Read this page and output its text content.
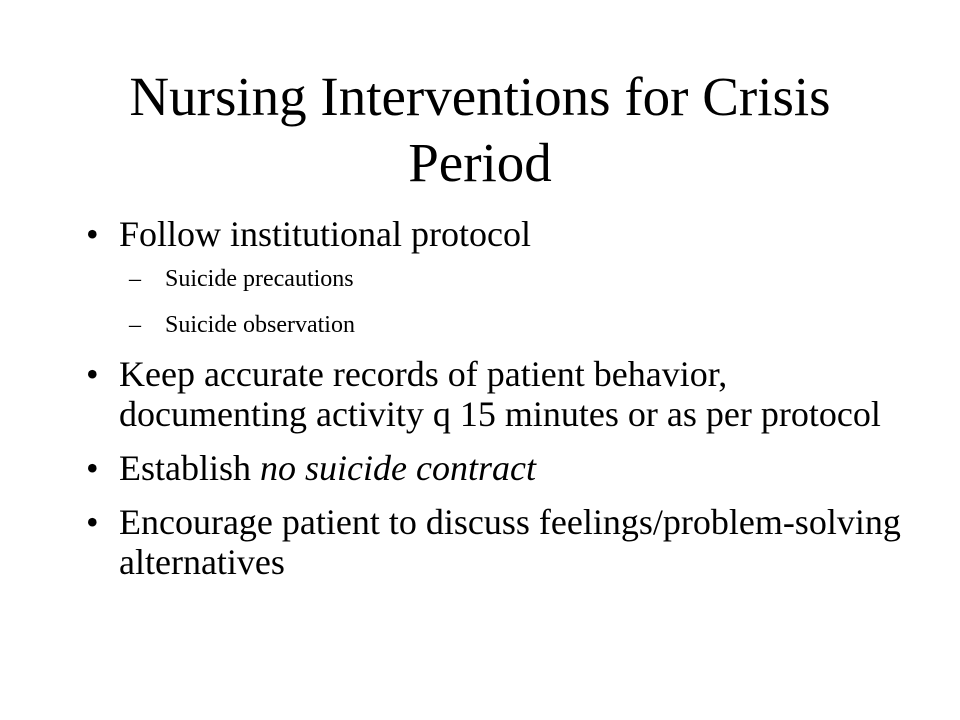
Nursing Interventions for Crisis
Period
• Follow institutional protocol
– Suicide precautions
– Suicide observation
• Keep accurate records of patient behavior, documenting activity q 15 minutes or as per protocol
• Establish no suicide contract
• Encourage patient to discuss feelings/problem-solving alternatives
